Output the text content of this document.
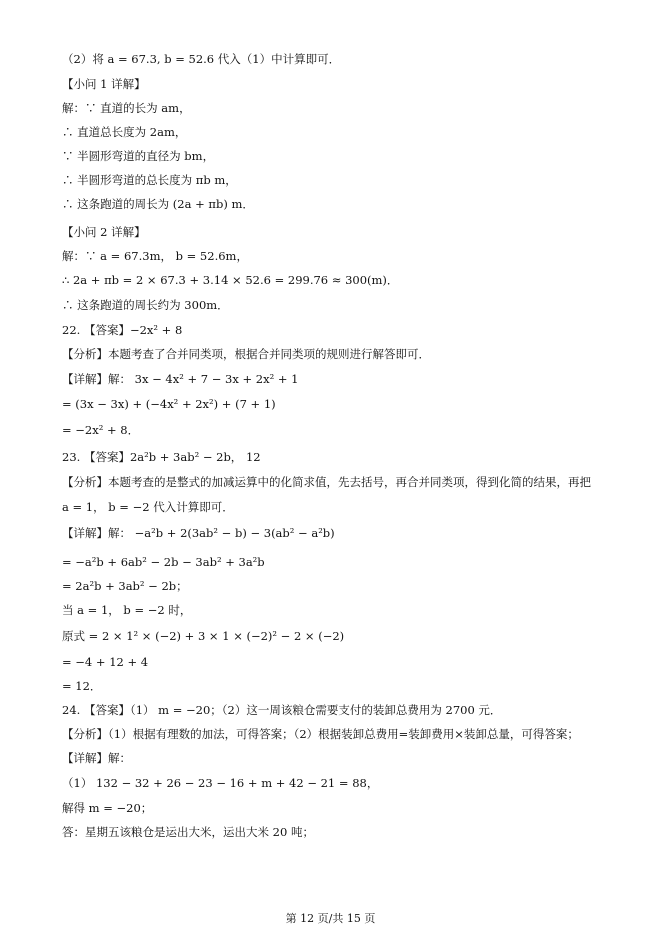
（2）将 a = 67.3, b = 52.6 代入（1）中计算即可．
【小问 1 详解】
解：∵ 直道的长为 am，
∴ 直道总长度为 2am，
∵ 半圆形弯道的直径为 bm，
∴ 半圆形弯道的总长度为 πb m，
∴ 这条跑道的周长为 (2a + πb) m．
【小问 2 详解】
解：∵ a = 67.3m， b = 52.6m，
∴ 2a + πb = 2 × 67.3 + 3.14 × 52.6 = 299.76 ≈ 300(m)．
∴ 这条跑道的周长约为 300m．
22. 【答案】−2x² + 8
【分析】本题考查了合并同类项，根据合并同类项的规则进行解答即可．
【详解】解： 3x − 4x² + 7 − 3x + 2x² + 1
= (3x − 3x) + (−4x² + 2x²) + (7 + 1)
= −2x² + 8．
23. 【答案】2a²b + 3ab² − 2b， 12
【分析】本题考查的是整式的加减运算中的化简求值，先去括号，再合并同类项，得到化简的结果，再把
a = 1， b = −2 代入计算即可．
【详解】解： −a²b + 2(3ab² − b) − 3(ab² − a²b)
= −a²b + 6ab² − 2b − 3ab² + 3a²b
= 2a²b + 3ab² − 2b；
当 a = 1， b = −2 时，
原式 = 2 × 1² × (−2) + 3 × 1 × (−2)² − 2 × (−2)
= −4 + 12 + 4
= 12．
24. 【答案】（1） m = −20；（2）这一周该粮仓需要支付的装卸总费用为 2700 元．
【分析】（1）根据有理数的加法，可得答案；（2）根据装卸总费用=装卸费用×装卸总量，可得答案；
【详解】解：
（1） 132 − 32 + 26 − 23 − 16 + m + 42 − 21 = 88，
解得 m = −20；
答：星期五该粮仓是运出大米，运出大米 20 吨；
第 12 页/共 15 页
